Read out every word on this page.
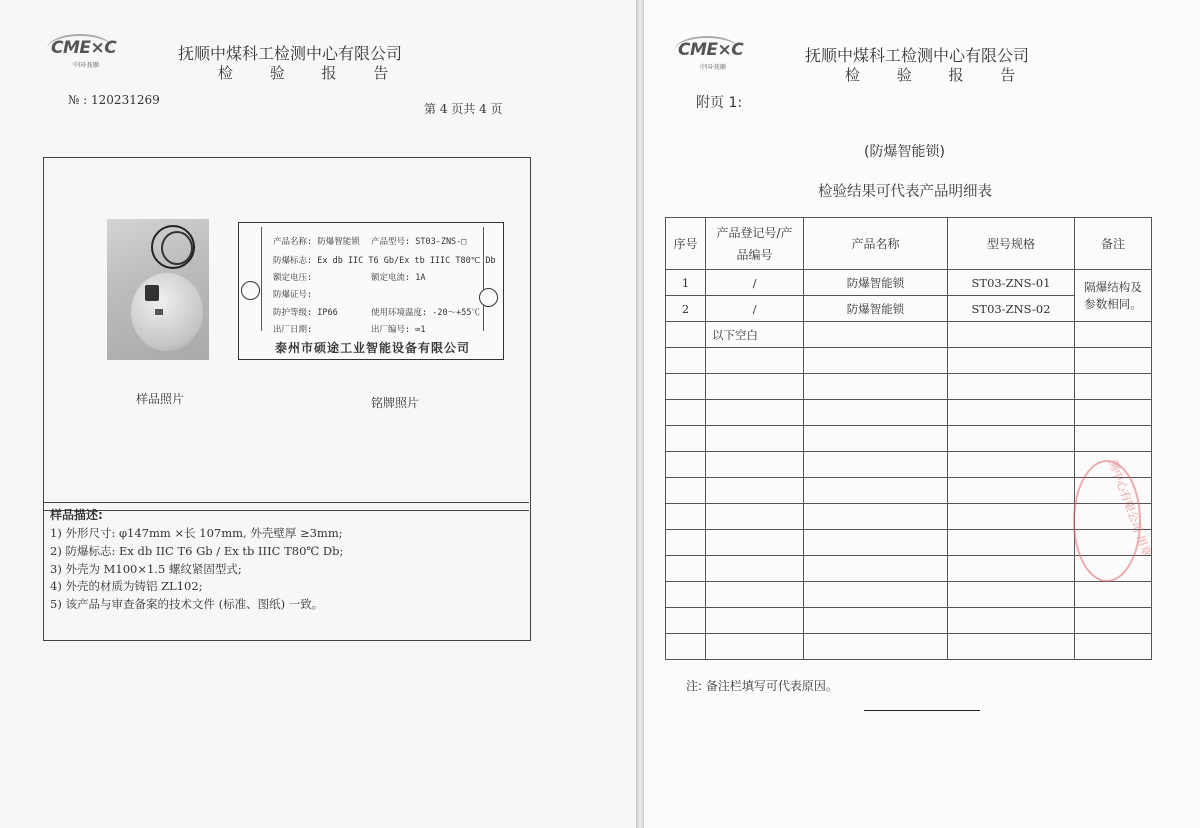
CME×C
中国·抚顺
抚顺中煤科工检测中心有限公司
检 验 报 告
№ : 120231269
第 4 页共 4 页
产品名称: 防爆智能锁 产品型号: ST03-ZNS-□
防爆标志: Ex db IIC T6 Gb/Ex tb IIIC T80℃ Db
额定电压:	额定电流: 1A
防爆证号:
防护等级: IP66	使用环境温度: -20～+55℃
出厂日期:	出厂编号: ∞1
泰州市硕途工业智能设备有限公司
样品照片	铭牌照片
样品描述:
1) 外形尺寸: φ147mm ×长 107mm, 外壳壁厚 ≥3mm;
2) 防爆标志: Ex db IIC T6 Gb / Ex tb IIIC T80℃ Db;
3) 外壳为 M100×1.5 螺纹紧固型式;
4) 外壳的材质为铸铝 ZL102;
5) 该产品与审查备案的技术文件 (标准、图纸) 一致。
CME×C
中国·抚顺
抚顺中煤科工检测中心有限公司
检 验 报 告
附页 1:
(防爆智能锁)
检验结果可代表产品明细表
序号	产品登记号/产品编号	产品名称	型号规格	备注
1	/	防爆智能锁	ST03-ZNS-01	隔爆结构及参数相同。
2	/	防爆智能锁	ST03-ZNS-02	
	以下空白			

测中心有限公司 用章
注: 备注栏填写可代表原因。
